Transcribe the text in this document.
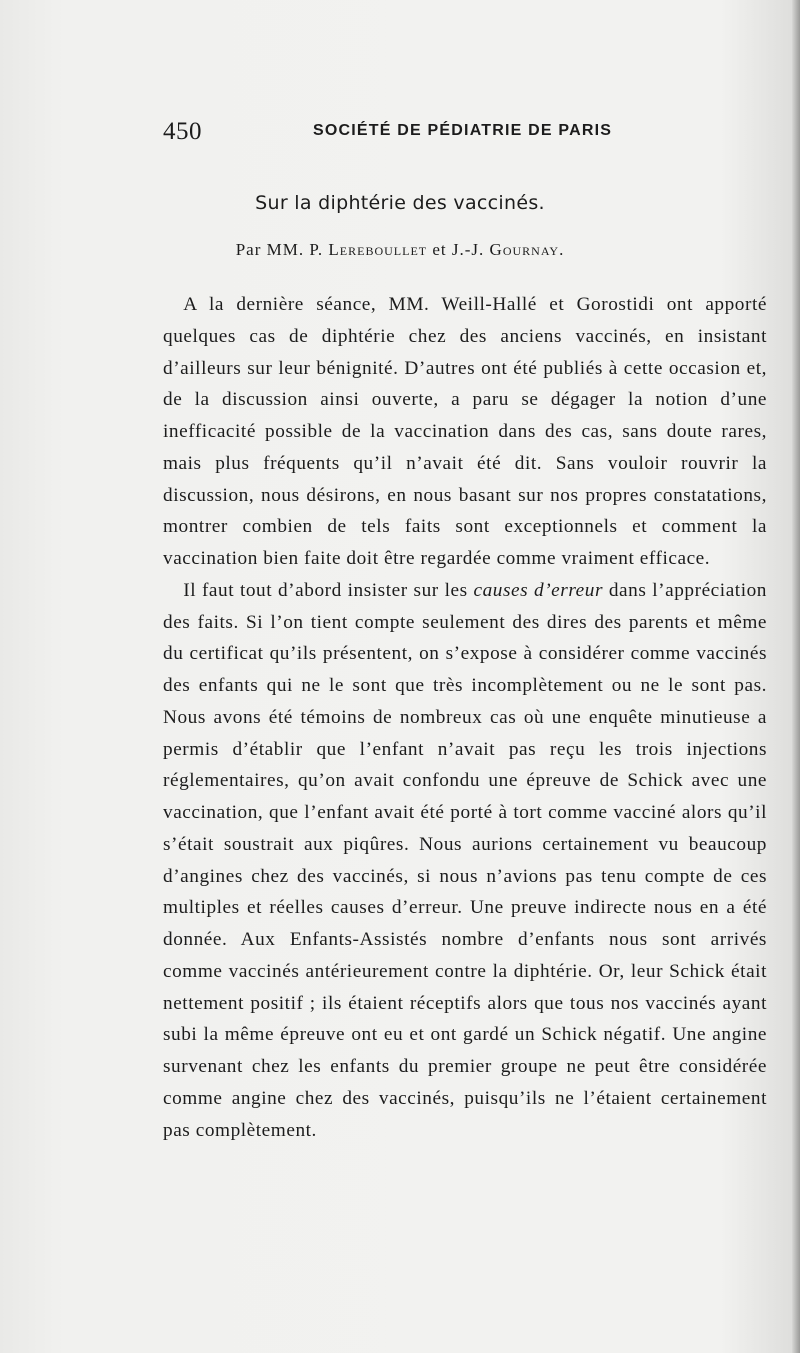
450	SOCIÉTÉ DE PÉDIATRIE DE PARIS
Sur la diphtérie des vaccinés.
Par MM. P. Lereboullet et J.-J. Gournay.

A la dernière séance, MM. Weill-Hallé et Gorostidi ont apporté quelques cas de diphtérie chez des anciens vaccinés, en insistant d’ailleurs sur leur bénignité. D’autres ont été publiés à cette occasion et, de la discussion ainsi ouverte, a paru se dégager la notion d’une inefficacité possible de la vaccination dans des cas, sans doute rares, mais plus fréquents qu’il n’avait été dit. Sans vouloir rouvrir la discussion, nous désirons, en nous basant sur nos propres constatations, montrer combien de tels faits sont exceptionnels et comment la vaccination bien faite doit être regardée comme vraiment efficace.

Il faut tout d’abord insister sur les causes d’erreur dans l’appréciation des faits. Si l’on tient compte seulement des dires des parents et même du certificat qu’ils présentent, on s’expose à considérer comme vaccinés des enfants qui ne le sont que très incomplètement ou ne le sont pas. Nous avons été témoins de nombreux cas où une enquête minutieuse a permis d’établir que l’enfant n’avait pas reçu les trois injections réglementaires, qu’on avait confondu une épreuve de Schick avec une vaccination, que l’enfant avait été porté à tort comme vacciné alors qu’il s’était soustrait aux piqûres. Nous aurions certainement vu beaucoup d’angines chez des vaccinés, si nous n’avions pas tenu compte de ces multiples et réelles causes d’erreur. Une preuve indirecte nous en a été donnée. Aux Enfants-Assistés nombre d’enfants nous sont arrivés comme vaccinés antérieurement contre la diphtérie. Or, leur Schick était nettement positif ; ils étaient réceptifs alors que tous nos vaccinés ayant subi la même épreuve ont eu et ont gardé un Schick négatif. Une angine survenant chez les enfants du premier groupe ne peut être considérée comme angine chez des vaccinés, puisqu’ils ne l’étaient certainement pas complètement.
